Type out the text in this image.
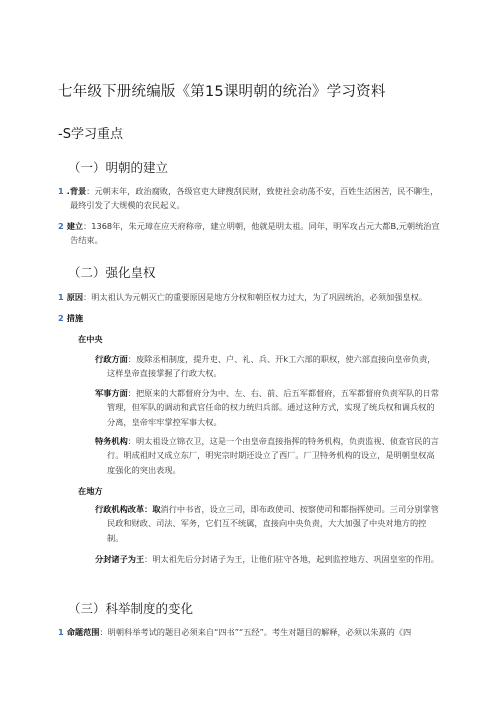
七年级下册统编版《第15课明朝的统治》学习资料
-S学习重点
（一）明朝的建立
1 .背景：元朝末年，政治腐败，各级官吏大肆搜刮民财，致使社会动荡不安，百姓生活困苦，民不聊生，最终引发了大规模的农民起义。
2 建立：1368年，朱元璋在应天府称帝，建立明朝，他就是明太祖。同年，明军攻占元大都B,元朝统治宣告结束。
（二）强化皇权
1 原因：明太祖认为元朝灭亡的重要原因是地方分权和朝臣权力过大，为了巩固统治，必须加强皇权。
2 措施
在中央
行政方面：废除丞相制度，提升吏、户、礼、兵、开k工六部的职权，使六部直接向皇帝负责，这样皇帝直接掌握了行政大权。
军事方面：把原来的大都督府分为中、左、右、前、后五军都督府，五军都督府负责军队的日常管理，但军队的调动和武官任命的权力统归兵部。通过这种方式，实现了统兵权和调兵权的分离，皇帝牢牢掌控军事大权。
特务机构：明太祖设立锦衣卫，这是一个由皇帝直接指挥的特务机构，负责监视、侦查官民的言行。明成祖时又成立东厂，明宪宗时期还设立了西厂。厂卫特务机构的设立，是明朝皇权高度强化的突出表现。
在地方
行政机构改革：取消行中书省，设立三司，即布政使司、按察使司和都指挥使司。三司分别掌管民政和财政、司法、军务，它们互不统属，直接向中央负责，大大加强了中央对地方的控制。
分封诸子为王：明太祖先后分封诸子为王，让他们驻守各地，起到监控地方、巩固皇室的作用。
（三）科举制度的变化
1 命题范围：明朝科举考试的题目必须来自“四书”“五经”。考生对题目的解释，必须以朱熹的《四
